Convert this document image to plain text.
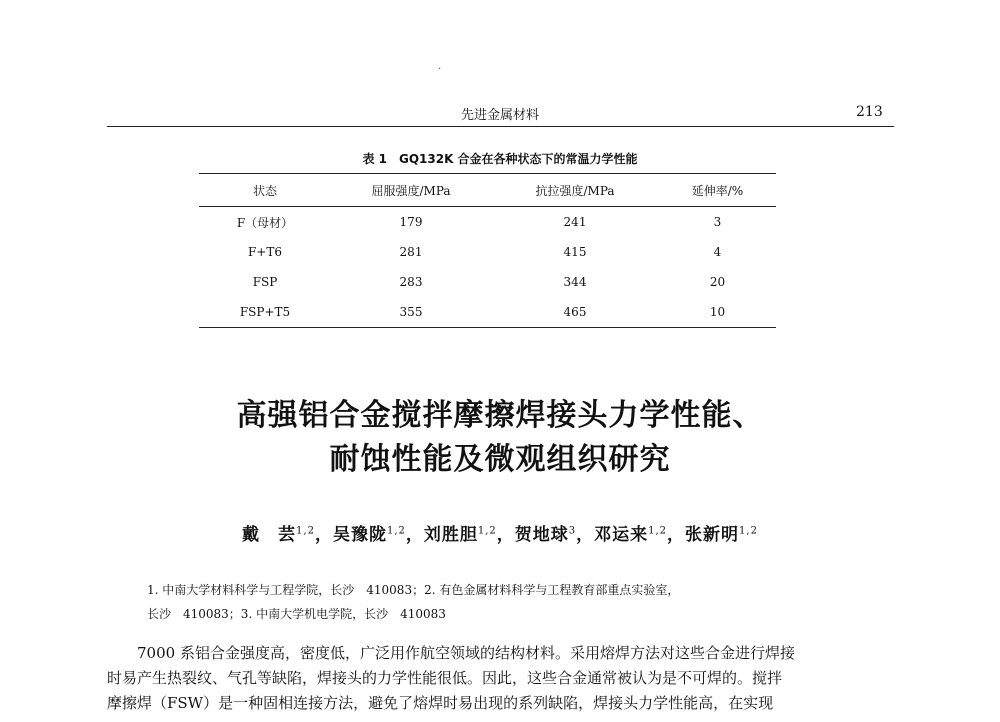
·
先进金属材料	213
表 1 GQ132K 合金在各种状态下的常温力学性能
状态	屈服强度/MPa	抗拉强度/MPa	延伸率/%
F（母材）	179	241	3
F+T6	281	415	4
FSP	283	344	20
FSP+T5	355	465	10
高强铝合金搅拌摩擦焊接头力学性能、
耐蚀性能及微观组织研究
戴　芸$^{1,2}$，吴豫陇$^{1,2}$，刘胜胆$^{1,2}$，贺地球$^3$，邓运来$^{1,2}$，张新明$^{1,2}$
1. 中南大学材料科学与工程学院，长沙　410083；2. 有色金属材料科学与工程教育部重点实验室，
长沙　410083；3. 中南大学机电学院，长沙　410083
7000 系铝合金强度高，密度低，广泛用作航空领域的结构材料。采用熔焊方法对这些合金进行焊接
时易产生热裂纹、气孔等缺陷，焊接头的力学性能很低。因此，这些合金通常被认为是不可焊的。搅拌
摩擦焊（FSW）是一种固相连接方法，避免了熔焊时易出现的系列缺陷，焊接头力学性能高，在实现
